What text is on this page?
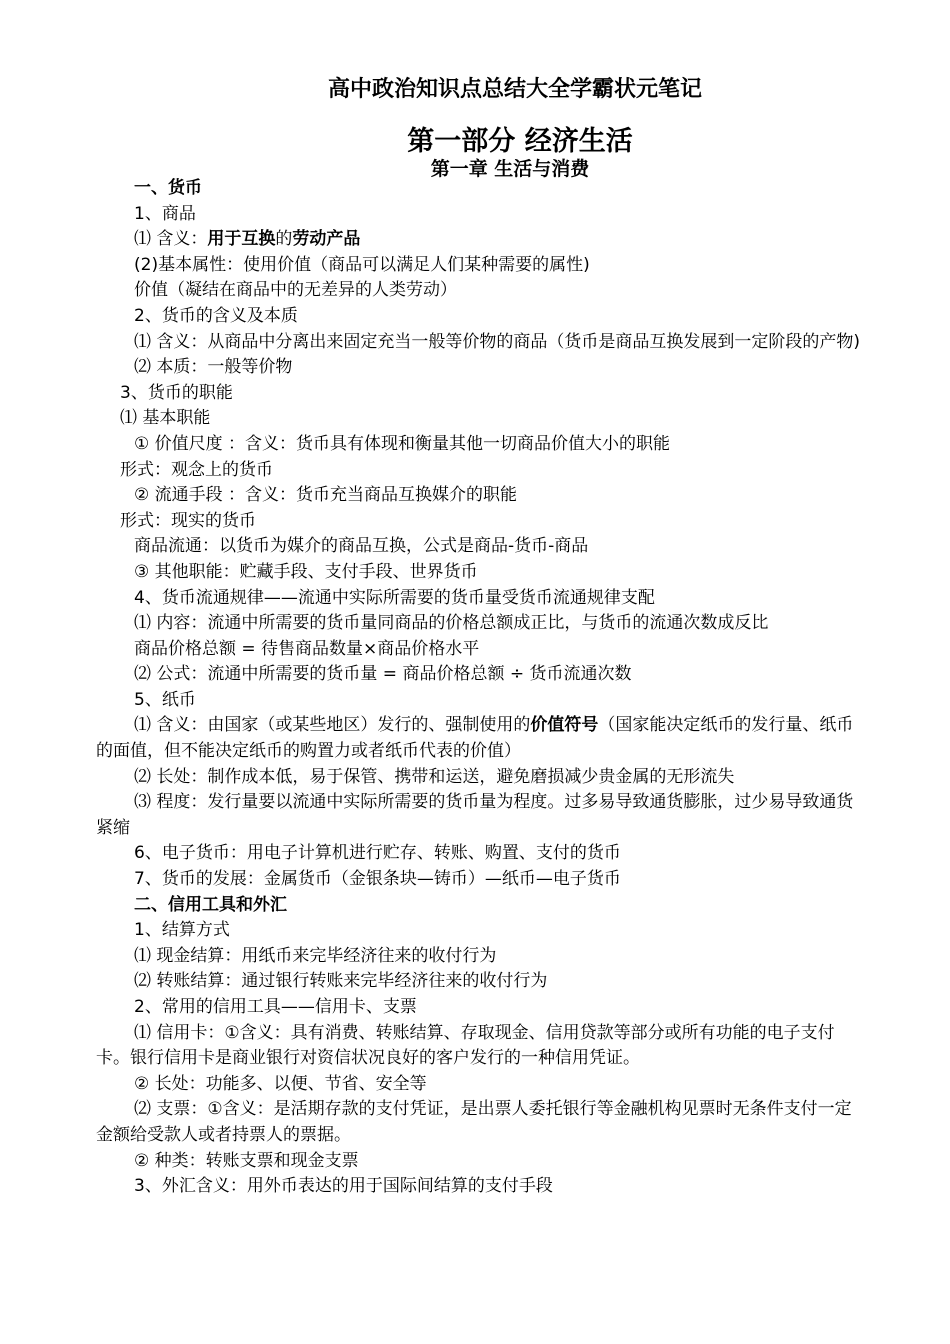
高中政治知识点总结大全学霸状元笔记
第一部分 经济生活
第一章 生活与消费
一、货币
1、商品
⑴ 含义：用于互换的劳动产品
(2)基本属性：使用价值（商品可以满足人们某种需要的属性)
价值（凝结在商品中的无差异的人类劳动）
2、货币的含义及本质
⑴ 含义：从商品中分离出来固定充当一般等价物的商品（货币是商品互换发展到一定阶段的产物)
⑵ 本质：一般等价物
3、货币的职能
⑴ 基本职能
① 价值尺度 ：含义：货币具有体现和衡量其他一切商品价值大小的职能
形式：观念上的货币
② 流通手段 ：含义：货币充当商品互换媒介的职能
形式：现实的货币
商品流通：以货币为媒介的商品互换，公式是商品-货币-商品
③ 其他职能：贮藏手段、支付手段、世界货币
4、货币流通规律——流通中实际所需要的货币量受货币流通规律支配
⑴ 内容：流通中所需要的货币量同商品的价格总额成正比，与货币的流通次数成反比
商品价格总额 = 待售商品数量×商品价格水平
⑵ 公式：流通中所需要的货币量 = 商品价格总额 ÷ 货币流通次数
5、纸币
⑴ 含义：由国家（或某些地区）发行的、强制使用的价值符号（国家能决定纸币的发行量、纸币的面值，但不能决定纸币的购置力或者纸币代表的价值）
⑵ 长处：制作成本低，易于保管、携带和运送，避免磨损减少贵金属的无形流失
⑶ 程度：发行量要以流通中实际所需要的货币量为程度。过多易导致通货膨胀，过少易导致通货紧缩
6、电子货币：用电子计算机进行贮存、转账、购置、支付的货币
7、货币的发展：金属货币（金银条块—铸币）—纸币—电子货币
二、信用工具和外汇
1、结算方式
⑴ 现金结算：用纸币来完毕经济往来的收付行为
⑵ 转账结算：通过银行转账来完毕经济往来的收付行为
2、常用的信用工具——信用卡、支票
⑴ 信用卡：①含义：具有消费、转账结算、存取现金、信用贷款等部分或所有功能的电子支付卡。银行信用卡是商业银行对资信状况良好的客户发行的一种信用凭证。
② 长处：功能多、以便、节省、安全等
⑵ 支票：①含义：是活期存款的支付凭证，是出票人委托银行等金融机构见票时无条件支付一定金额给受款人或者持票人的票据。
② 种类：转账支票和现金支票
3、外汇含义：用外币表达的用于国际间结算的支付手段
